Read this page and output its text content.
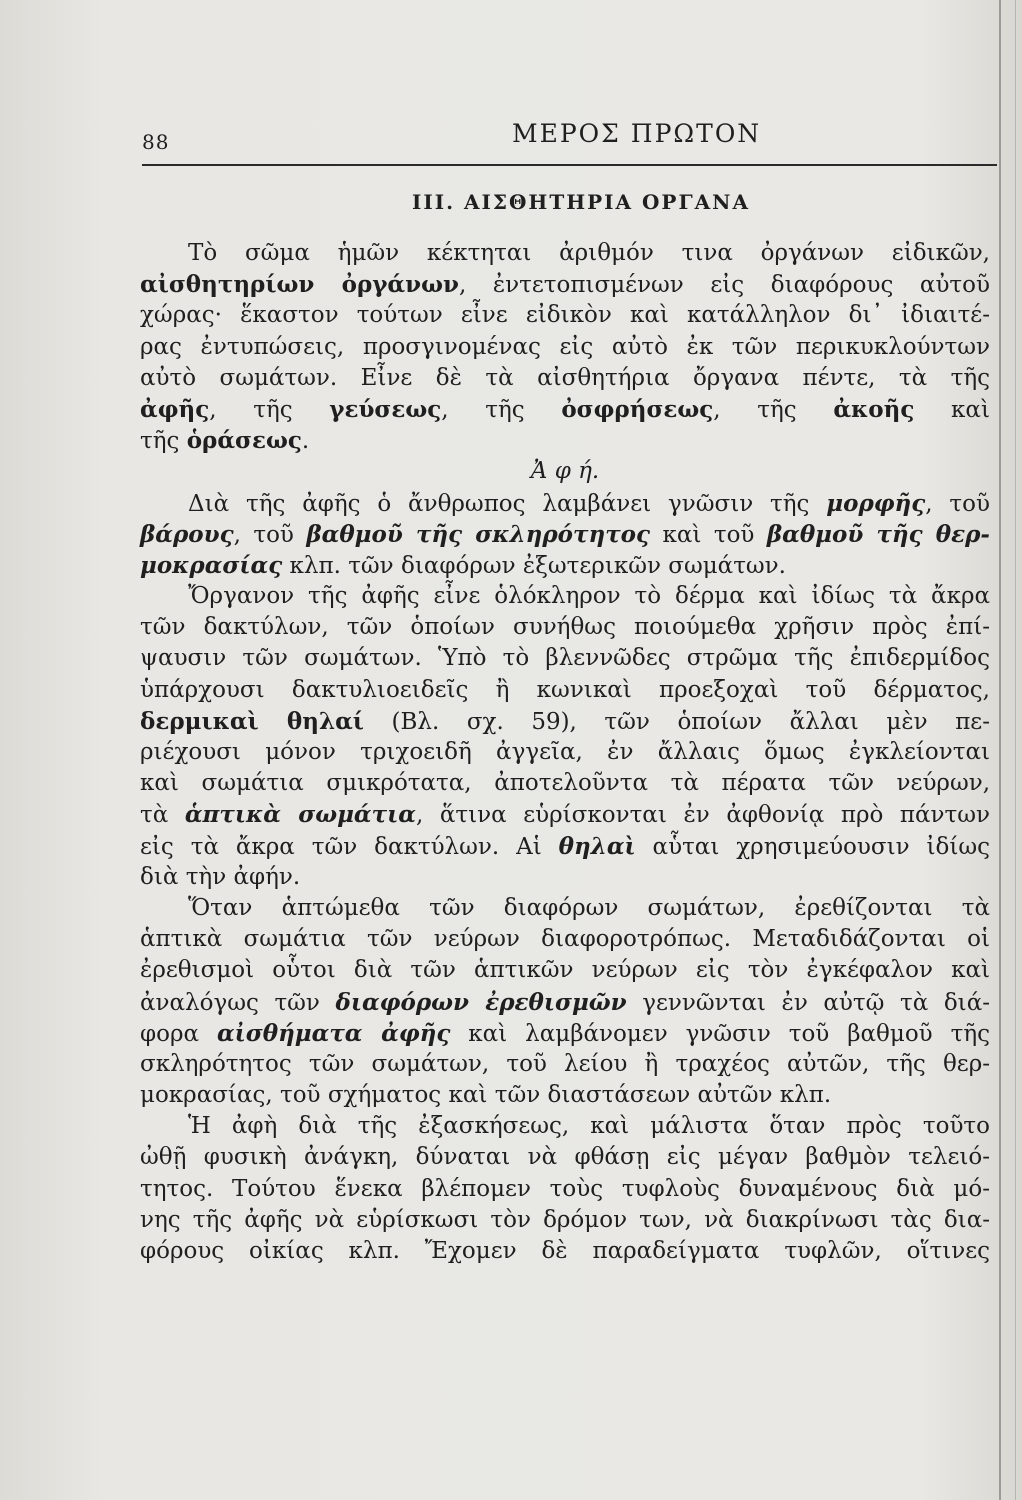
88	ΜΕΡΟΣ ΠΡΩΤΟΝ
ΙΙΙ. ΑΙΣΘΗΤΗΡΙΑ ΟΡΓΑΝΑ
Τὸ σῶμα ἡμῶν κέκτηται ἀριθμόν τινα ὀργάνων εἰδικῶν,
αἰσθητηρίων ὀργάνων, ἐντετοπισμένων εἰς διαφόρους αὐτοῦ
χώρας· ἕκαστον τούτων εἶνε εἰδικὸν καὶ κατάλληλον δι᾽ ἰδιαιτέ-
ρας ἐντυπώσεις, προσγινομένας εἰς αὐτὸ ἐκ τῶν περικυκλούντων
αὐτὸ σωμάτων. Εἶνε δὲ τὰ αἰσθητήρια ὄργανα πέντε, τὰ τῆς
ἀφῆς, τῆς γεύσεως, τῆς ὀσφρήσεως, τῆς ἀκοῆς καὶ
τῆς ὁράσεως.
Ἀ φ ή.
Διὰ τῆς ἀφῆς ὁ ἄνθρωπος λαμβάνει γνῶσιν τῆς μορφῆς, τοῦ
βάρους, τοῦ βαθμοῦ τῆς σκληρότητος καὶ τοῦ βαθμοῦ τῆς θερ-
μοκρασίας κλπ. τῶν διαφόρων ἐξωτερικῶν σωμάτων.
Ὄργανον τῆς ἀφῆς εἶνε ὁλόκληρον τὸ δέρμα καὶ ἰδίως τὰ ἄκρα
τῶν δακτύλων, τῶν ὁποίων συνήθως ποιούμεθα χρῆσιν πρὸς ἐπί-
ψαυσιν τῶν σωμάτων. Ὑπὸ τὸ βλεννῶδες στρῶμα τῆς ἐπιδερμίδος
ὑπάρχουσι δακτυλιοειδεῖς ἢ κωνικαὶ προεξοχαὶ τοῦ δέρματος,
δερμικαὶ θηλαί (Βλ. σχ. 59), τῶν ὁποίων ἄλλαι μὲν πε-
ριέχουσι μόνον τριχοειδῆ ἀγγεῖα, ἐν ἄλλαις ὅμως ἐγκλείονται
καὶ σωμάτια σμικρότατα, ἀποτελοῦντα τὰ πέρατα τῶν νεύρων,
τὰ ἁπτικὰ σωμάτια, ἅτινα εὑρίσκονται ἐν ἀφθονίᾳ πρὸ πάντων
εἰς τὰ ἄκρα τῶν δακτύλων. Αἱ θηλαὶ αὗται χρησιμεύουσιν ἰδίως
διὰ τὴν ἀφήν.
Ὅταν ἁπτώμεθα τῶν διαφόρων σωμάτων, ἐρεθίζονται τὰ
ἁπτικὰ σωμάτια τῶν νεύρων διαφοροτρόπως. Μεταδιδάζονται οἱ
ἐρεθισμοὶ οὗτοι διὰ τῶν ἁπτικῶν νεύρων εἰς τὸν ἐγκέφαλον καὶ
ἀναλόγως τῶν διαφόρων ἐρεθισμῶν γεννῶνται ἐν αὐτῷ τὰ διά-
φορα αἰσθήματα ἀφῆς καὶ λαμβάνομεν γνῶσιν τοῦ βαθμοῦ τῆς
σκληρότητος τῶν σωμάτων, τοῦ λείου ἢ τραχέος αὐτῶν, τῆς θερ-
μοκρασίας, τοῦ σχήματος καὶ τῶν διαστάσεων αὐτῶν κλπ.
Ἡ ἀφὴ διὰ τῆς ἐξασκήσεως, καὶ μάλιστα ὅταν πρὸς τοῦτο
ὠθῇ φυσικὴ ἀνάγκη, δύναται νὰ φθάσῃ εἰς μέγαν βαθμὸν τελειό-
τητος. Τούτου ἕνεκα βλέπομεν τοὺς τυφλοὺς δυναμένους διὰ μό-
νης τῆς ἀφῆς νὰ εὑρίσκωσι τὸν δρόμον των, νὰ διακρίνωσι τὰς δια-
φόρους οἰκίας κλπ. Ἔχομεν δὲ παραδείγματα τυφλῶν, οἵτινες
